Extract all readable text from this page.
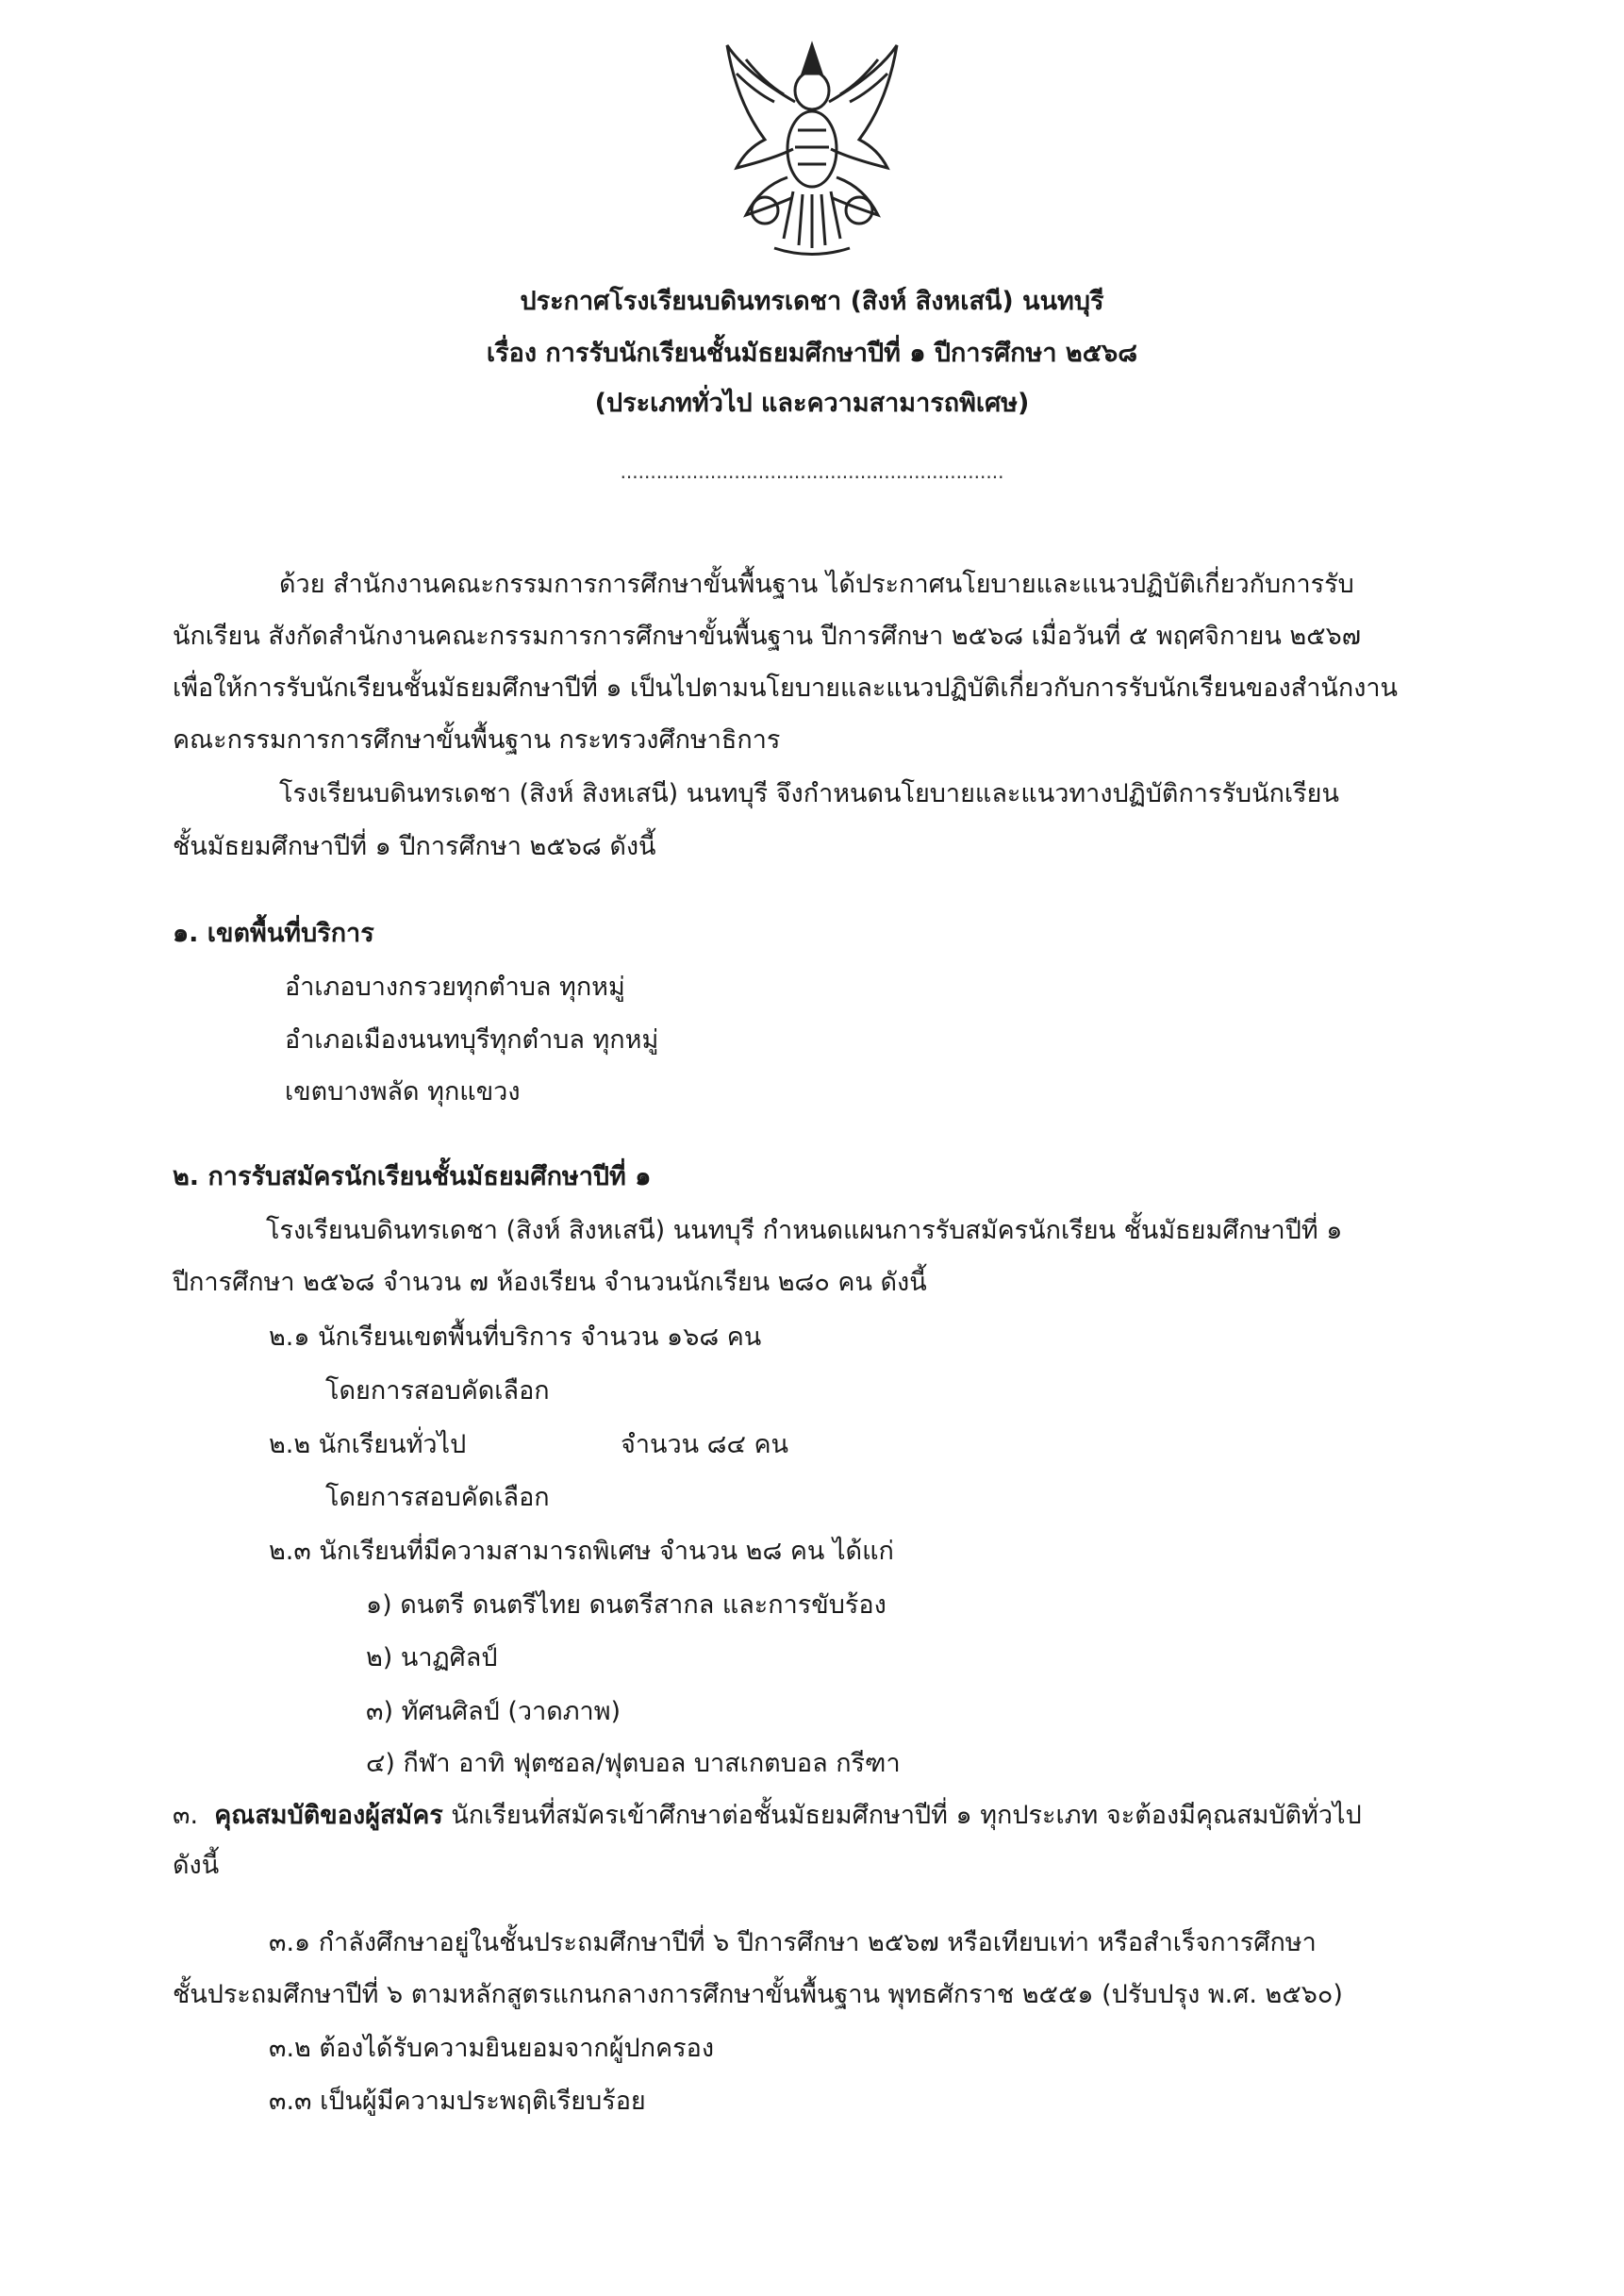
ประกาศโรงเรียนบดินทรเดชา (สิงห์ สิงหเสนี) นนทบุรี
เรื่อง การรับนักเรียนชั้นมัธยมศึกษาปีที่ ๑ ปีการศึกษา ๒๕๖๘
(ประเภททั่วไป และความสามารถพิเศษ)
................................................................
ด้วย สำนักงานคณะกรรมการการศึกษาขั้นพื้นฐาน ได้ประกาศนโยบายและแนวปฏิบัติเกี่ยวกับการรับ
นักเรียน สังกัดสำนักงานคณะกรรมการการศึกษาขั้นพื้นฐาน ปีการศึกษา ๒๕๖๘ เมื่อวันที่ ๕ พฤศจิกายน ๒๕๖๗
เพื่อให้การรับนักเรียนชั้นมัธยมศึกษาปีที่ ๑ เป็นไปตามนโยบายและแนวปฏิบัติเกี่ยวกับการรับนักเรียนของสำนักงาน
คณะกรรมการการศึกษาขั้นพื้นฐาน กระทรวงศึกษาธิการ
โรงเรียนบดินทรเดชา (สิงห์ สิงหเสนี) นนทบุรี จึงกำหนดนโยบายและแนวทางปฏิบัติการรับนักเรียน
ชั้นมัธยมศึกษาปีที่ ๑ ปีการศึกษา ๒๕๖๘ ดังนี้
๑. เขตพื้นที่บริการ
อำเภอบางกรวยทุกตำบล ทุกหมู่
อำเภอเมืองนนทบุรีทุกตำบล ทุกหมู่
เขตบางพลัด ทุกแขวง
๒. การรับสมัครนักเรียนชั้นมัธยมศึกษาปีที่ ๑
โรงเรียนบดินทรเดชา (สิงห์ สิงหเสนี) นนทบุรี กำหนดแผนการรับสมัครนักเรียน ชั้นมัธยมศึกษาปีที่ ๑
ปีการศึกษา ๒๕๖๘ จำนวน ๗ ห้องเรียน จำนวนนักเรียน ๒๘๐ คน ดังนี้
๒.๑ นักเรียนเขตพื้นที่บริการ จำนวน ๑๖๘ คน
โดยการสอบคัดเลือก
๒.๒ นักเรียนทั่วไป	จำนวน ๘๔ คน
โดยการสอบคัดเลือก
๒.๓ นักเรียนที่มีความสามารถพิเศษ จำนวน ๒๘ คน ได้แก่
๑) ดนตรี ดนตรีไทย ดนตรีสากล และการขับร้อง
๒) นาฏศิลป์
๓) ทัศนศิลป์ (วาดภาพ)
๔) กีฬา อาทิ ฟุตซอล/ฟุตบอล บาสเกตบอล กรีฑา
๓. คุณสมบัติของผู้สมัคร นักเรียนที่สมัครเข้าศึกษาต่อชั้นมัธยมศึกษาปีที่ ๑ ทุกประเภท จะต้องมีคุณสมบัติทั่วไป
ดังนี้
๓.๑ กำลังศึกษาอยู่ในชั้นประถมศึกษาปีที่ ๖ ปีการศึกษา ๒๕๖๗ หรือเทียบเท่า หรือสำเร็จการศึกษา
ชั้นประถมศึกษาปีที่ ๖ ตามหลักสูตรแกนกลางการศึกษาขั้นพื้นฐาน พุทธศักราช ๒๕๕๑ (ปรับปรุง พ.ศ. ๒๕๖๐)
๓.๒ ต้องได้รับความยินยอมจากผู้ปกครอง
๓.๓ เป็นผู้มีความประพฤติเรียบร้อย
